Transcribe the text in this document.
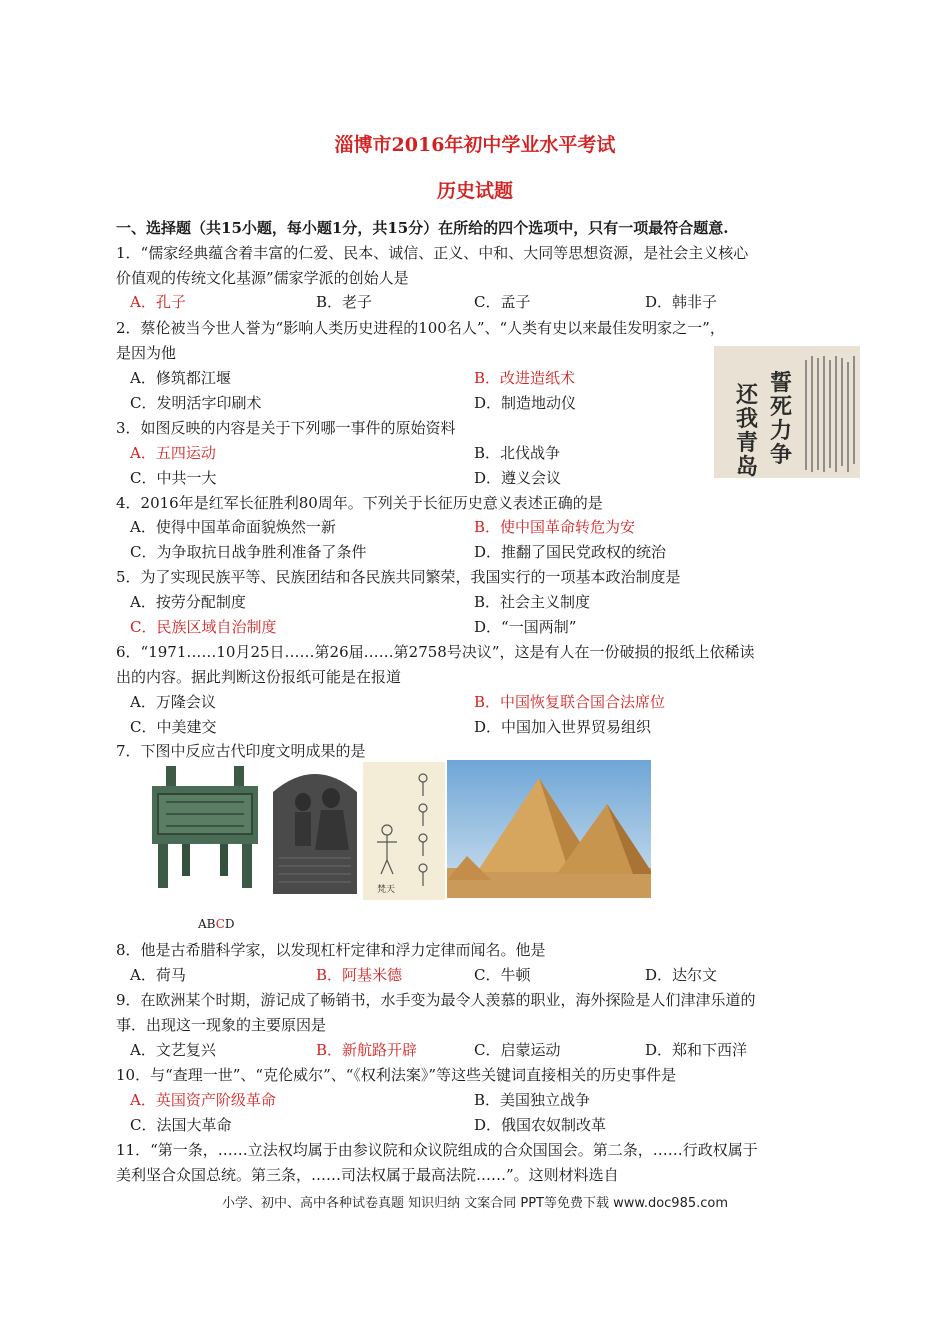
淄博市2016年初中学业水平考试
历史试题
一、选择题（共15小题，每小题1分，共15分）在所给的四个选项中，只有一项最符合题意.
1．“儒家经典蕴含着丰富的仁爱、民本、诚信、正义、中和、大同等思想资源，是社会主义核心
价值观的传统文化基源”儒家学派的创始人是
A．孔子	B．老子	C．孟子	D．韩非子
2．蔡伦被当今世人誉为“影响人类历史进程的100名人”、“人类有史以来最佳发明家之一”，
是因为他
A．修筑都江堰	B．改进造纸术
C．发明活字印刷术	D．制造地动仪
誓
死
力
争
还
我
青
岛
3．如图反映的内容是关于下列哪一事件的原始资料
A．五四运动	B．北伐战争
C．中共一大	D．遵义会议
4．2016年是红军长征胜利80周年。下列关于长征历史意义表述正确的是
A．使得中国革命面貌焕然一新	B．使中国革命转危为安
C．为争取抗日战争胜利准备了条件	D．推翻了国民党政权的统治
5．为了实现民族平等、民族团结和各民族共同繁荣，我国实行的一项基本政治制度是
A．按劳分配制度	B．社会主义制度
C．民族区域自治制度	D．“一国两制”
6．“1971……10月25日……第26届……第2758号决议”，这是有人在一份破损的报纸上依稀读
出的内容。据此判断这份报纸可能是在报道
A．万隆会议	B．中国恢复联合国合法席位
C．中美建交	D．中国加入世界贸易组织
7．下图中反应古代印度文明成果的是
梵天
ABCD
8．他是古希腊科学家，以发现杠杆定律和浮力定律而闻名。他是
A．荷马	B．阿基米德	C．牛顿	D．达尔文
9．在欧洲某个时期，游记成了畅销书，水手变为最令人羡慕的职业，海外探险是人们津津乐道的
事．出现这一现象的主要原因是
A．文艺复兴	B．新航路开辟	C．启蒙运动	D．郑和下西洋
10．与“查理一世”、“克伦威尔”、“《权利法案》”等这些关键词直接相关的历史事件是
A．英国资产阶级革命	B．美国独立战争
C．法国大革命	D．俄国农奴制改革
11．“第一条，……立法权均属于由参议院和众议院组成的合众国国会。第二条，……行政权属于
美利坚合众国总统。第三条，……司法权属于最高法院……”。这则材料选自
小学、初中、高中各种试卷真题 知识归纳 文案合同 PPT等免费下载 www.doc985.com
